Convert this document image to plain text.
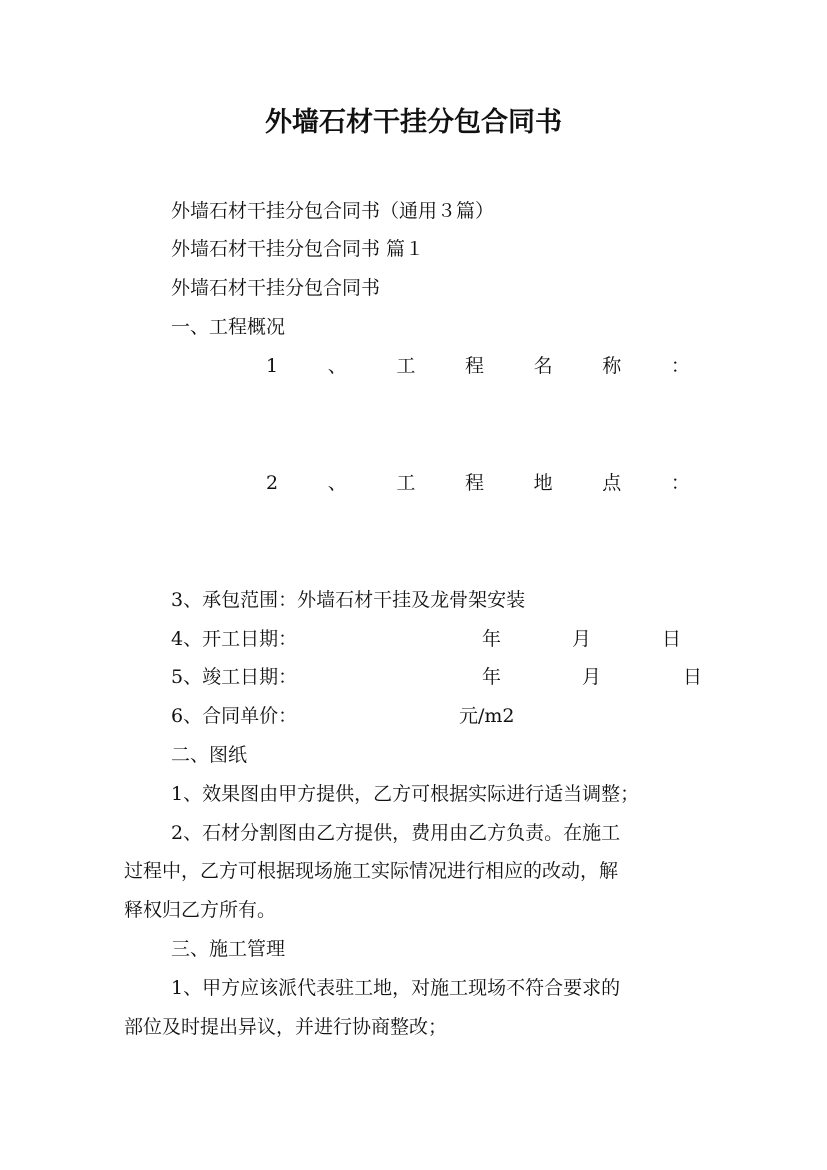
外墙石材干挂分包合同书
外墙石材干挂分包合同书（通用３篇）
外墙石材干挂分包合同书 篇１
外墙石材干挂分包合同书
一、工程概况
1	、	工	程	名	称	：
2	、	工	程	地	点	：
3、承包范围：外墙石材干挂及龙骨架安装
4、开工日期：	年	月	日
5、竣工日期：	年	月	日
6、合同单价：	元/m2
二、图纸
1、效果图由甲方提供，乙方可根据实际进行适当调整；
2、石材分割图由乙方提供，费用由乙方负责。在施工
过程中，乙方可根据现场施工实际情况进行相应的改动，解
释权归乙方所有。
三、施工管理
1、甲方应该派代表驻工地，对施工现场不符合要求的
部位及时提出异议，并进行协商整改；
